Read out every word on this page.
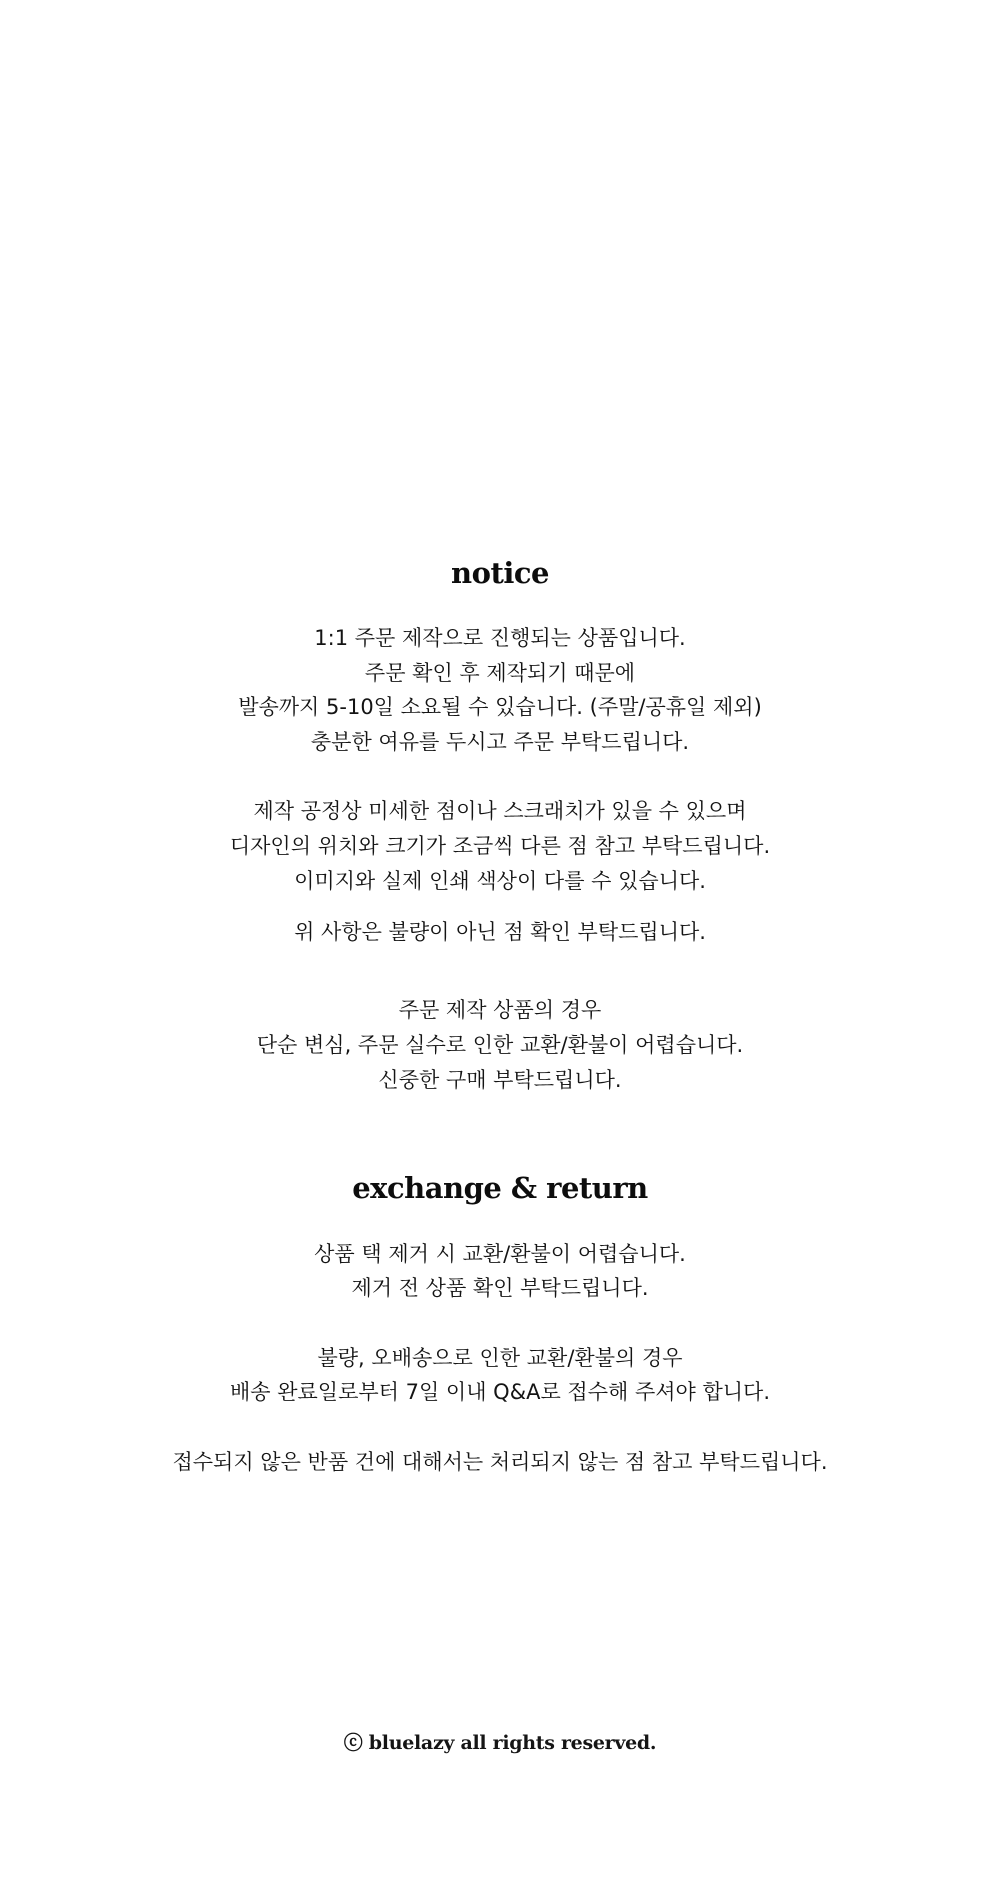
notice

1:1 주문 제작으로 진행되는 상품입니다.

주문 확인 후 제작되기 때문에

발송까지 5-10일 소요될 수 있습니다. (주말/공휴일 제외)

충분한 여유를 두시고 주문 부탁드립니다.

제작 공정상 미세한 점이나 스크래치가 있을 수 있으며

디자인의 위치와 크기가 조금씩 다른 점 참고 부탁드립니다.

이미지와 실제 인쇄 색상이 다를 수 있습니다.

위 사항은 불량이 아닌 점 확인 부탁드립니다.

주문 제작 상품의 경우

단순 변심, 주문 실수로 인한 교환/환불이 어렵습니다.

신중한 구매 부탁드립니다.

exchange & return

상품 택 제거 시 교환/환불이 어렵습니다.

제거 전 상품 확인 부탁드립니다.

불량, 오배송으로 인한 교환/환불의 경우

배송 완료일로부터 7일 이내 Q&A로 접수해 주셔야 합니다.

접수되지 않은 반품 건에 대해서는 처리되지 않는 점 참고 부탁드립니다.

ⓒ bluelazy all rights reserved.
